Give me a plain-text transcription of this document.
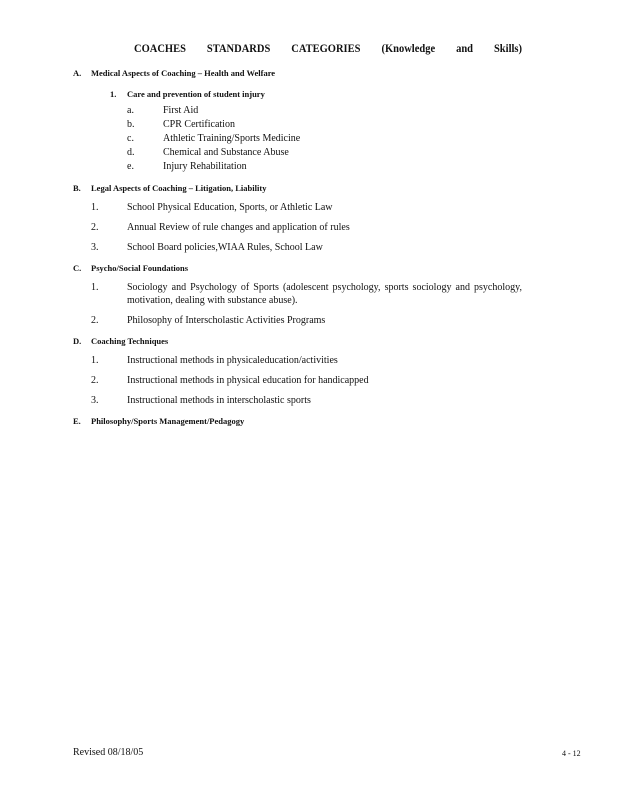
COACHES STANDARDS CATEGORIES (Knowledge and Skills)
A.	Medical Aspects of Coaching – Health and Welfare
1.	Care and prevention of student injury
a.	First Aid
b.	CPR Certification
c.	Athletic Training/Sports Medicine
d.	Chemical and Substance Abuse
e.	Injury Rehabilitation
B.	Legal Aspects of Coaching – Litigation, Liability
1.	School Physical Education, Sports, or Athletic Law
2.	Annual Review of rule changes and application of rules
3.	School Board policies,WIAA Rules, School Law
C.	Psycho/Social Foundations
1.	Sociology and Psychology of Sports (adolescent psychology, sports sociology and psychology, motivation, dealing with substance abuse).
2.	Philosophy of Interscholastic Activities Programs
D.	Coaching Techniques
1.	Instructional methods in physicaleducation/activities
2.	Instructional methods in physical education for handicapped
3.	Instructional methods in interscholastic sports
E.	Philosophy/Sports Management/Pedagogy
Revised 08/18/05	4 - 12
